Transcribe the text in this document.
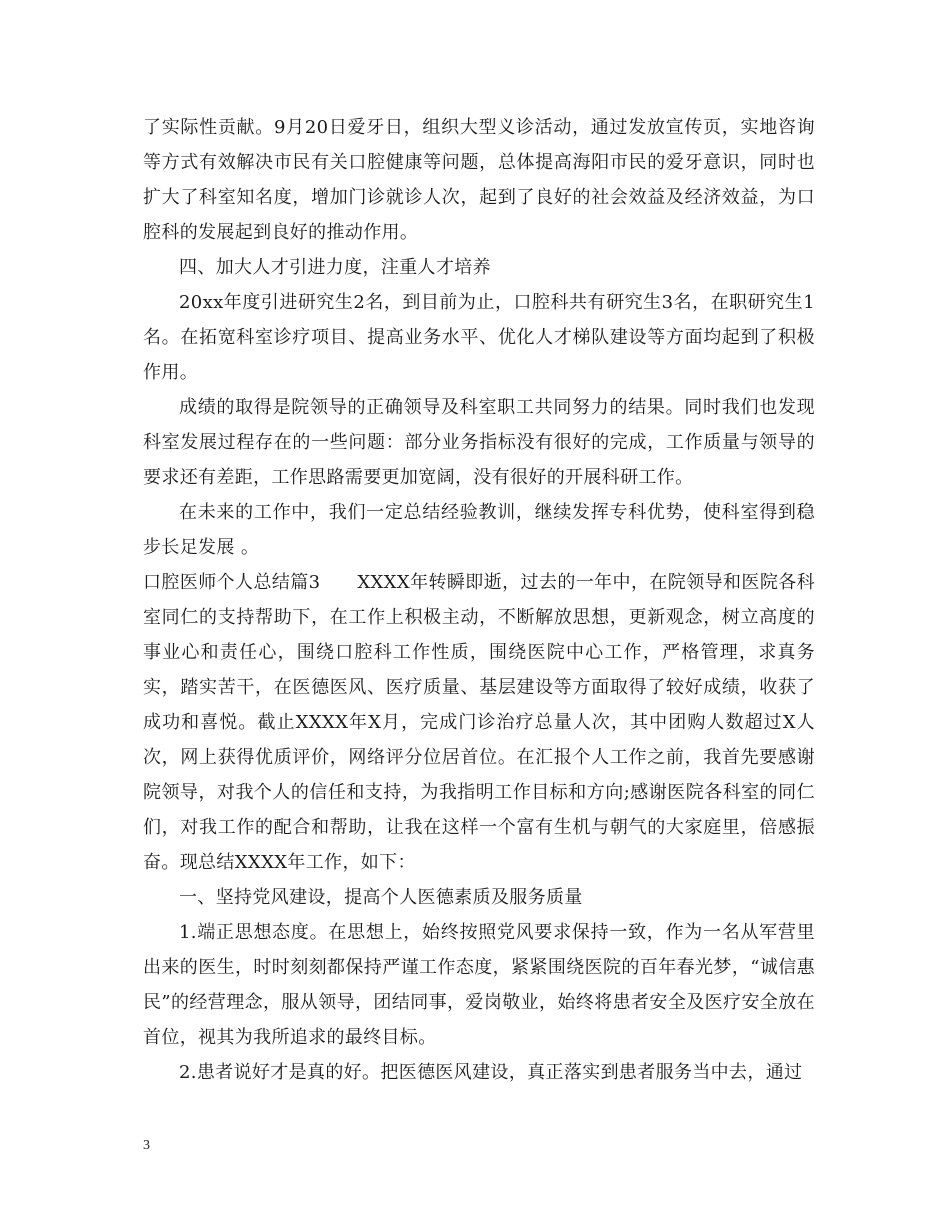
了实际性贡献。9月20日爱牙日，组织大型义诊活动，通过发放宣传页，实地咨询等方式有效解决市民有关口腔健康等问题，总体提高海阳市民的爱牙意识，同时也扩大了科室知名度，增加门诊就诊人次，起到了良好的社会效益及经济效益，为口腔科的发展起到良好的推动作用。

四、加大人才引进力度，注重人才培养

20xx年度引进研究生2名，到目前为止，口腔科共有研究生3名，在职研究生1名。在拓宽科室诊疗项目、提高业务水平、优化人才梯队建设等方面均起到了积极作用。

成绩的取得是院领导的正确领导及科室职工共同努力的结果。同时我们也发现科室发展过程存在的一些问题：部分业务指标没有很好的完成，工作质量与领导的要求还有差距，工作思路需要更加宽阔，没有很好的开展科研工作。

在未来的工作中，我们一定总结经验教训，继续发挥专科优势，使科室得到稳步长足发展 。

口腔医师个人总结篇3　　XXXX年转瞬即逝，过去的一年中，在院领导和医院各科室同仁的支持帮助下，在工作上积极主动，不断解放思想，更新观念，树立高度的事业心和责任心，围绕口腔科工作性质，围绕医院中心工作，严格管理，求真务实，踏实苦干，在医德医风、医疗质量、基层建设等方面取得了较好成绩，收获了成功和喜悦。截止XXXX年X月，完成门诊治疗总量人次，其中团购人数超过X人次，网上获得优质评价，网络评分位居首位。在汇报个人工作之前，我首先要感谢院领导，对我个人的信任和支持，为我指明工作目标和方向;感谢医院各科室的同仁们，对我工作的配合和帮助，让我在这样一个富有生机与朝气的大家庭里，倍感振奋。现总结XXXX年工作，如下：

一、坚持党风建设，提高个人医德素质及服务质量

1.端正思想态度。在思想上，始终按照党风要求保持一致，作为一名从军营里出来的医生，时时刻刻都保持严谨工作态度，紧紧围绕医院的百年春光梦，“诚信惠民”的经营理念，服从领导，团结同事，爱岗敬业，始终将患者安全及医疗安全放在首位，视其为我所追求的最终目标。

2.患者说好才是真的好。把医德医风建设，真正落实到患者服务当中去，通过

3
